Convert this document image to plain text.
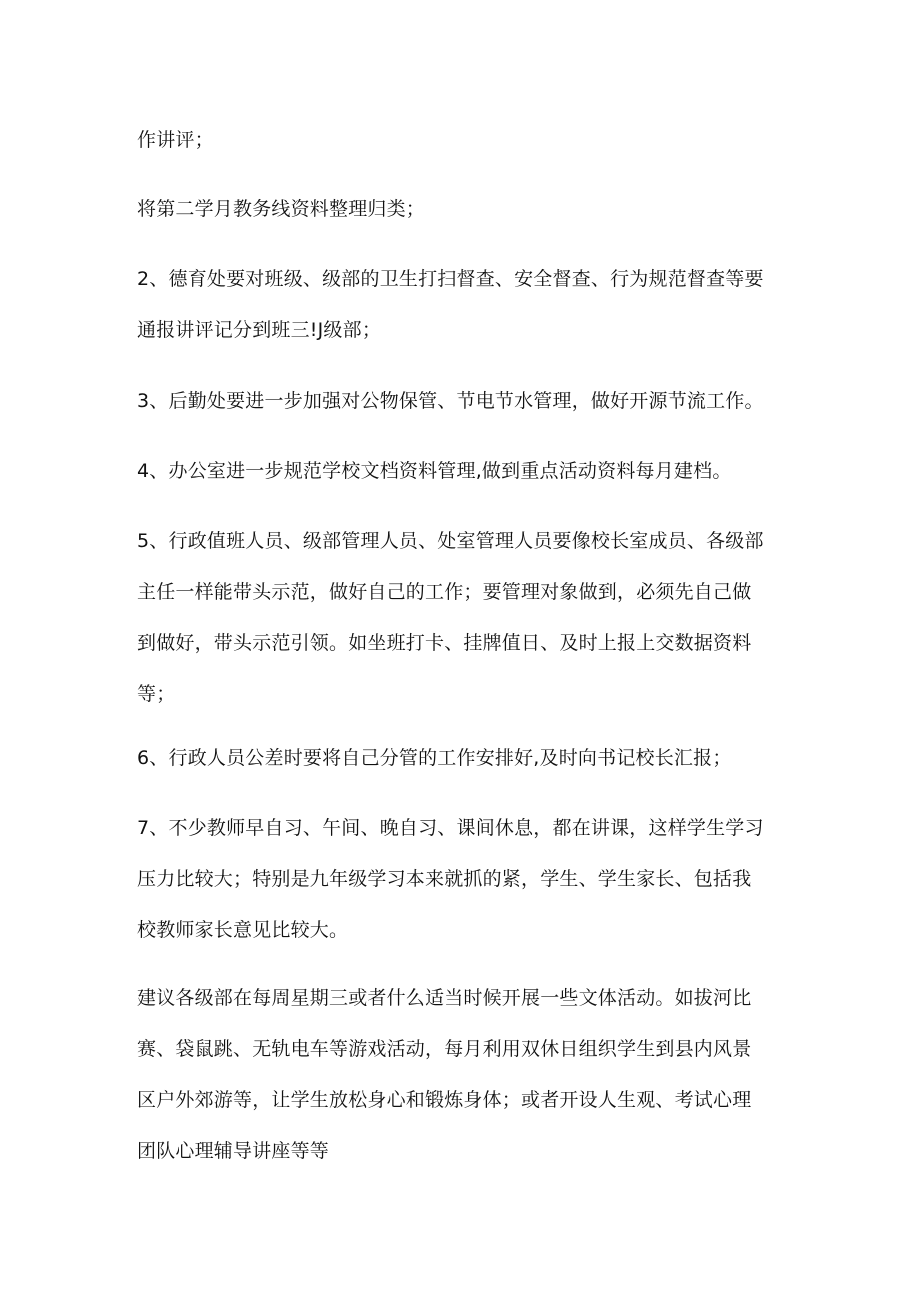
作讲评；

将第二学月教务线资料整理归类；

2、德育处要对班级、级部的卫生打扫督查、安全督查、行为规范督查等要
通报讲评记分到班三!J级部；

3、后勤处要进一步加强对公物保管、节电节水管理，做好开源节流工作。

4、办公室进一步规范学校文档资料管理,做到重点活动资料每月建档。

5、行政值班人员、级部管理人员、处室管理人员要像校长室成员、各级部
主任一样能带头示范，做好自己的工作；要管理对象做到，必须先自己做
到做好，带头示范引领。如坐班打卡、挂牌值日、及时上报上交数据资料
等；

6、行政人员公差时要将自己分管的工作安排好,及时向书记校长汇报；

7、不少教师早自习、午间、晚自习、课间休息，都在讲课，这样学生学习
压力比较大；特别是九年级学习本来就抓的紧，学生、学生家长、包括我
校教师家长意见比较大。

建议各级部在每周星期三或者什么适当时候开展一些文体活动。如拔河比
赛、袋鼠跳、无轨电车等游戏活动，每月利用双休日组织学生到县内风景
区户外郊游等，让学生放松身心和锻炼身体；或者开设人生观、考试心理
团队心理辅导讲座等等
